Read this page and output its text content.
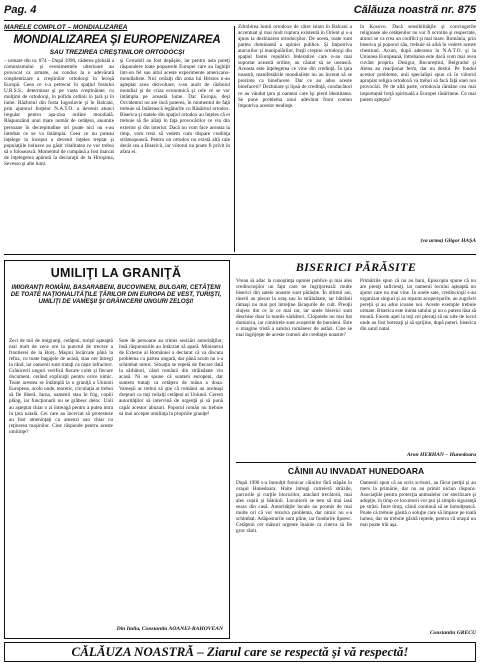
Pag. 4	Călăuza noastră nr. 875
MARELE COMPLOT – MONDIALIZAREA
MONDIALIZAREA ŞI EUROPENIZAREA
SAU TREZIREA CREŞTINILOR ORTODOCŞI

– urmare din nr. 874 – După 1990, căderea globală a comunismului şi evenimentele ulterioare au provocat ca armate, au condus la o adevărată conştientizare a creştinilor ortodocşi în Ieroşă Europă. Ceea ce s-a petrecut în spaţiul fostului U.R.S.S., determinat şi pe vasta creştinătate, cu mulţimi de ortodocşi, în pofida ordinii în ţară şi în lume. Războiul din fosta Iugoslavie şi în Balcani, prin ajutorul forţelor N.A.T.O. a devenit atunci iregular pentru aşa-zisa ordine mondială. Răspunzând unui mare număr de cetăţeni, anumite persoane în decrepitudine ori poate nici nu s-au întrebat ce se va întâmpla. Ceea ce nu puteau înţelege la început a devenit înţeles treptat şi populaţiile bolnave au găsit vitalitatea ce vor trebui să o folosească. Momentul de cumpănă a fost marcat de înţelegerea apărută la declaraţii de la Hiroşima, Sevesso şi alte lumi.

şi Cernobîl au fost depăşite, iar pentru asta puteţi răspundere toate popoarele Europei care au înghiţit într-un fel sau altul aceste experimente americano-mondialiste. Nici ceilalţi din zona lui Hristos n-au aşteptat acea dezvoltare, s-au auzit de războiul mondial şi de criza economică şi cele ce se vor întâmpla pe această lume. Dar Europa, deşi Occidentul nu are încă puterea, în momentul de faţă trebuie să întărească legăturile cu Răsăritul ortodox. Biserica şi statele din spaţiul ortodox au înţeles că ei trebuie să fie aliaţi în faţa provocărilor ce vin din exterior şi din interior. Dacă nu vom face aceasta la timp, vom trezi să vedem cum dispare credinţa strămoşească. Pentru un ortodox nu există altă cale decât cea a Bisericii, iar viitorul nu poate fi privit în afara ei.

Zdrobirea lumii ortodoxe de către islam în Balcani a accentuat şi mai mult ruptura existentă în Orient şi s-a ajuns la dezbinarea ortodocşilor. De aceea, toate sunt partea dominantă a opiniei publice. Şi împotriva atacurilor şi manipulărilor, fraţii creştini ortodocşi din spaţiul fostei republici federative care n-au mai suportat această ordine, au căutat să se unească. Aceasta este înţelegerea ce vine din credinţă. În ţara noastră, manifestările mondialiste nu au încetat să se prezinte ca binefacere. Dar ce au adus aceste binefaceri? Dezbinare şi lipsă de credinţă, conducători ce au vândut ţara şi oameni care îşi pierd identitatea. Se pune problema unui adevărat front comun împotriva acestor tendinţe.

în Kosovo. Dacă sensibilităţile şi convingerile religioase ale cetăţenilor nu vor fi ocrotite şi respectate, atunci se va crea un conflict şi mai mare. România, prin biserica şi poporul său, trebuie să aibă în vedere aceste chestiuni. Acum, după aderarea la N.A.T.O. şi la Uniunea Europeană, întrebarea este dacă vom mai avea cuvânt propriu. Desigur, Bucureştiul, Belgradul şi Atena au reacţionat ferm, dar nu destul. Pe fondul acestor probleme, unii specialişti spun că în viitorul apropiat religia ortodoxă va trebui să facă faţă unei noi provocări. Pe de altă parte, ortodoxia rămâne cea mai importantă forţă spirituală a Europei răsăritene. Ce mai putem aştepta?

(va urma) Gligor HAŞA
UMILIŢI LA GRANIŢĂ
IMIGRANŢI ROMÂNI, BASARABENI, BUCOVINENI, BULGARI, CETĂŢENI DE TOATE NAŢIONALITĂŢILE ŢĂRILOR DIN EUROPA DE VEST, TURIŞTI, UMILIŢI DE VAMEŞII ŞI GRĂNICERII UNGURI ZELOŞI!

Zeci de mii de imigranţi, cetăţeni, turişti aşteaptă mai mult de zece ore la punctul de trecere a frontierei de la Borş. Maşini încărcate până la refuz, cu toate bagajele de acasă, stau ore întregi la rând, iar oamenii sunt trataţi ca nişte infractori. Grănicerii unguri verifică fiecare colet şi fiecare document, cerând explicaţii pentru orice nimic. Toate acestea se întâmplă la o graniţă a Uniunii Europene, acolo unde, teoretic, circulaţia ar trebui să fie liberă. Iarna, oamenii stau în frig, copiii plâng, iar funcţionarii nu se grăbesc deloc. Unii au aşteptat chiar o zi întreagă pentru a putea intra în ţara natală. Cei care au încercat să protesteze au fost ameninţaţi cu amenzi sau chiar cu reţinerea maşinilor. Cine răspunde pentru aceste umilinţe?

Sute de persoane au trimis sesizări autorităţilor, însă răspunsurile au întârziat să apară. Ministerul de Externe al României a declarat că va discuta problema cu partea ungară, dar până acum nu s-a schimbat nimic. Situaţia se repetă de fiecare dată la sărbători, când românii din străinătate vin acasă. Ni se spune că suntem europeni, dar suntem trataţi ca cetăţeni de mâna a doua. Vameşii ar trebui să ştie că românii au aceleaşi drepturi ca toţi ceilalţi cetăţeni ai Uniunii. Cerem autorităţilor să intervină de urgenţă şi să pună capăt acestor abuzuri. Poporul român nu trebuie să mai accepte umilinţa la propriile graniţe!

Din Italia, Constantin AOANEI-RAHOVEAN
BISERICI PĂRĂSITE

Vreau să adac la cunoştinţa opiniei publice şi mai ales credincioşilor un fapt care ne îngrijorează: multe biserici din satele noastre sunt părăsite. În ultimii ani, tinerii au plecat la oraş sau în străinătate, iar bătrânii rămaşi nu mai pot întreţine lăcaşurile de cult. Preoţii slujesc din ce în ce mai rar, iar unele biserici sunt deschise doar la marile sărbători. Clopotele nu mai bat duminica, iar cimitirele sunt acoperite de buruieni. Este o imagine tristă a satului românesc de astăzi. Cine se mai îngrijeşte de aceste comori ale credinţei noastre?

Primăriile spun că nu au bani, Episcopia spune că nu are preoţi suficienţi, iar oamenii locului aşteaptă un ajutor care nu mai vine. În unele sate, credincioşii s-au organizat singuri şi au reparat acoperişurile, au zugrăvit pereţii şi au adus icoane noi. Aceste exemple trebuie urmate. Biserica este inima satului şi nu o putem lăsa să moară. Facem apel la toţi cei plecaţi să nu uite de locul unde au fost botezaţi şi să sprijine, după puteri, biserica din satul natal.

Aron HERHAN – Hunedoara
CÂINII AU INVADAT HUNEDOARA

După 1990 s-a înmulţit furnicar câinilor fără stăpân în oraşul Hunedoara. Haite întregi cutreieră străzile, parcurile şi curţile blocurilor, atacând trecătorii, mai ales copiii şi bătrânii. Locuitorii se tem să mai iasă seara din casă. Autorităţile locale au promis de mai multe ori că vor rezolva problema, dar nimic nu s-a schimbat. Adăposturile sunt pline, iar fondurile lipsesc. Cetăţenii cer măsuri urgente înainte ca cineva să fie grav rănit.

Oamenii spun că au scris scrisori, au făcut petiţii şi au mers la primărie, dar nu au primit niciun răspuns. Asociaţiile pentru protecţia animalelor cer sterilizare şi adopţie, în timp ce locuitorii vor pur şi simplu siguranţă pe străzi. Între timp, câinii continuă să se înmulţească. Poate că trebuie găsită o soluţie care să împace pe toată lumea, dar ea trebuie găsită repede, pentru că oraşul nu mai poate trăi aşa.

Constantin GRECU
CĂLĂUZA NOASTRĂ – Ziarul care se respectă şi vă respectă!
